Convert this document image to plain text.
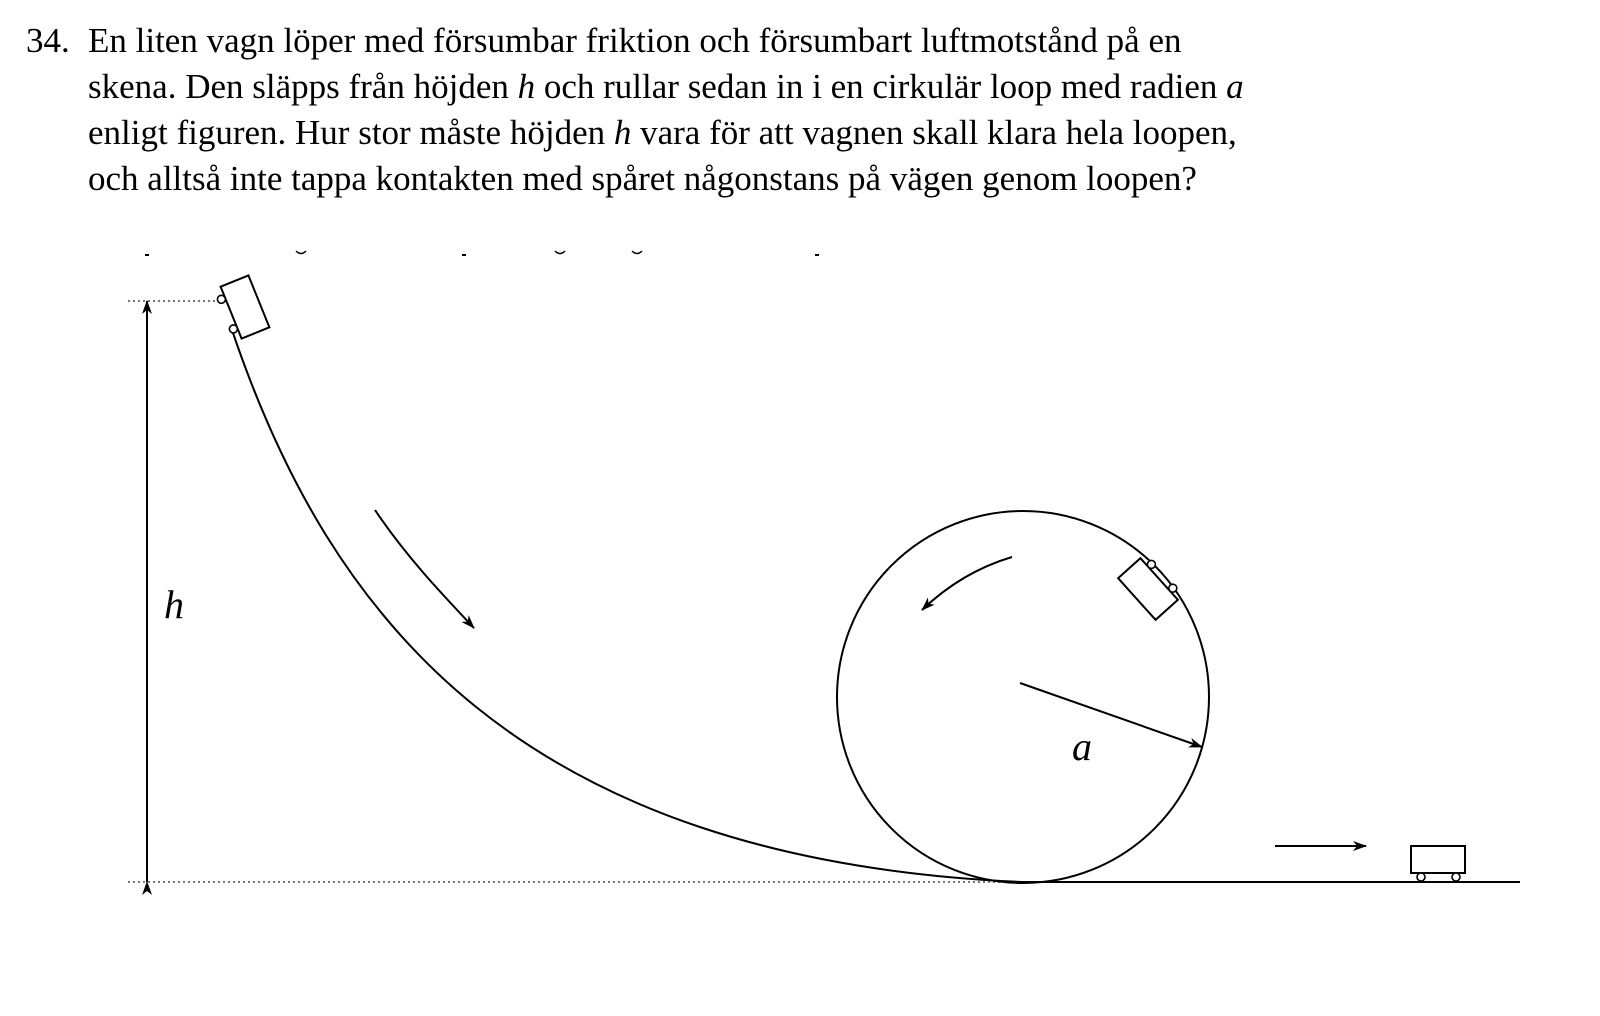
34. En liten vagn löper med försumbar friktion och försumbart luftmotstånd på en
skena. Den släpps från höjden h och rullar sedan in i en cirkulär loop med radien a
enligt figuren. Hur stor måste höjden h vara för att vagnen skall klara hela loopen,
och alltså inte tappa kontakten med spåret någonstans på vägen genom loopen?
h
a
